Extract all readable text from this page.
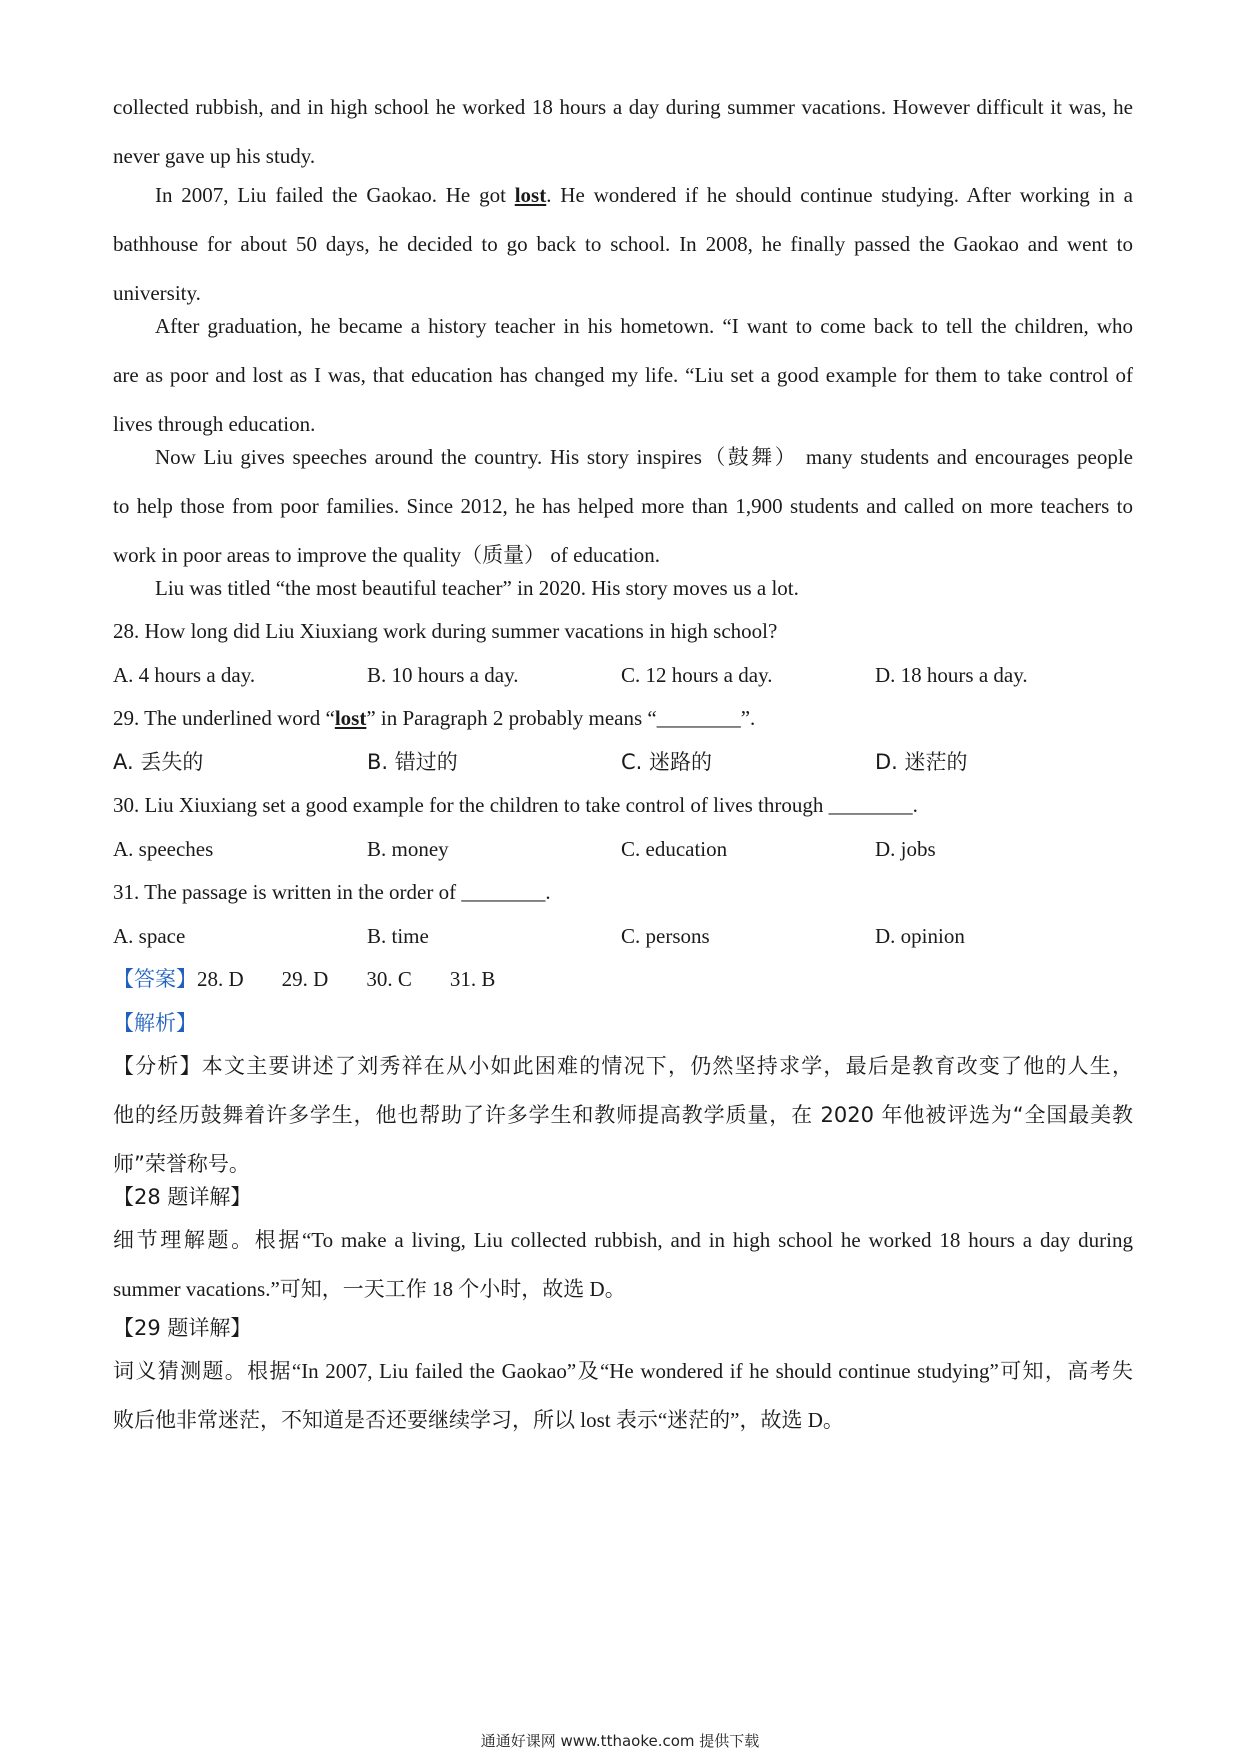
collected rubbish, and in high school he worked 18 hours a day during summer vacations. However difficult it was, he
never gave up his study.
In 2007, Liu failed the Gaokao. He got lost. He wondered if he should continue studying. After working in a
bathhouse for about 50 days, he decided to go back to school. In 2008, he finally passed the Gaokao and went to
university.
After graduation, he became a history teacher in his hometown. “I want to come back to tell the children, who
are as poor and lost as I was, that education has changed my life. “Liu set a good example for them to take control of
lives through education.
Now Liu gives speeches around the country. His story inspires（鼓舞） many students and encourages people
to help those from poor families. Since 2012, he has helped more than 1,900 students and called on more teachers to
work in poor areas to improve the quality（质量） of education.
Liu was titled “the most beautiful teacher” in 2020. His story moves us a lot.
28. How long did Liu Xiuxiang work during summer vacations in high school?
A. 4 hours a day.	B. 10 hours a day.	C. 12 hours a day.	D. 18 hours a day.
29. The underlined word “lost” in Paragraph 2 probably means “________”.
A. 丢失的	B. 错过的	C. 迷路的	D. 迷茫的
30. Liu Xiuxiang set a good example for the children to take control of lives through ________.
A. speeches	B. money	C. education	D. jobs
31. The passage is written in the order of ________.
A. space	B. time	C. persons	D. opinion
【答案】28. D 29. D 30. C 31. B
【解析】
【分析】本文主要讲述了刘秀祥在从小如此困难的情况下，仍然坚持求学，最后是教育改变了他的人生，
他的经历鼓舞着许多学生，他也帮助了许多学生和教师提高教学质量，在 2020 年他被评选为“全国最美教
师”荣誉称号。
【28 题详解】
细节理解题。根据“To make a living, Liu collected rubbish, and in high school he worked 18 hours a day during
summer vacations.”可知，一天工作 18 个小时，故选 D。
【29 题详解】
词义猜测题。根据“In 2007, Liu failed the Gaokao”及“He wondered if he should continue studying”可知，高考失
败后他非常迷茫，不知道是否还要继续学习，所以 lost 表示“迷茫的”，故选 D。
通通好课网 www.tthaoke.com 提供下载
